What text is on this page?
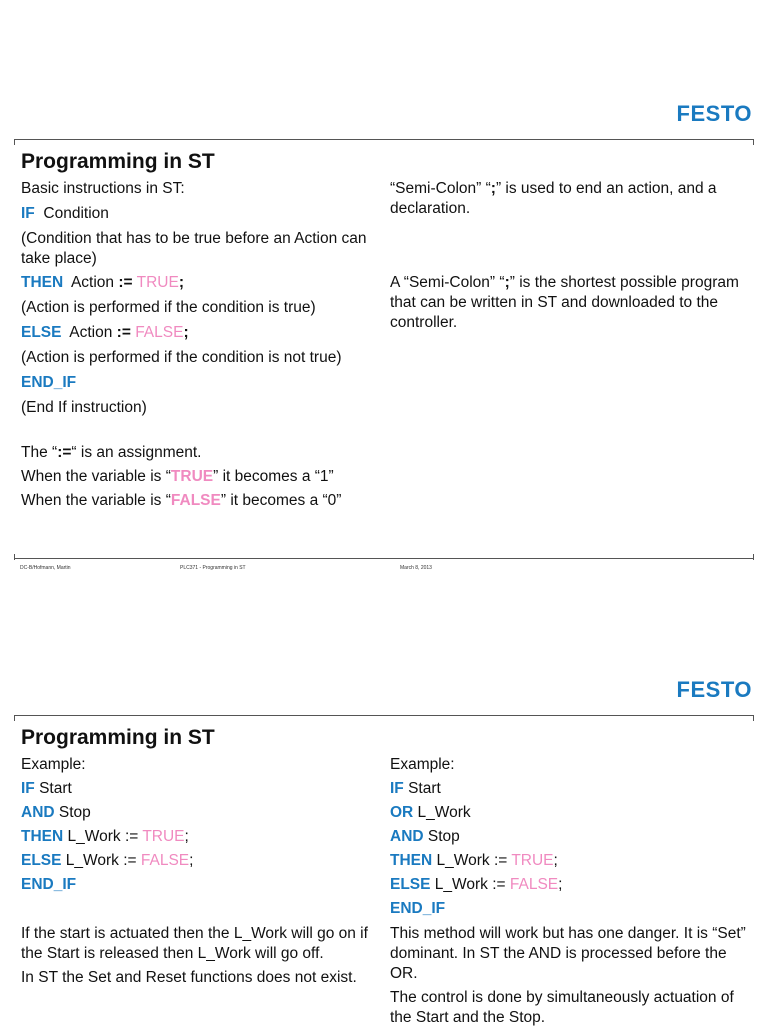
FESTO
Programming in ST

Basic instructions in ST:

IF Condition

(Condition that has to be true before an Action can take place)

THEN Action := TRUE;

(Action is performed if the condition is true)

ELSE Action := FALSE;

(Action is performed if the condition is not true)

END_IF

(End If instruction)

The “:=“ is an assignment.

When the variable is “TRUE” it becomes a “1”

When the variable is “FALSE” it becomes a “0”

“Semi-Colon” “;” is used to end an action, and a declaration.

A “Semi-Colon” “;” is the shortest possible program that can be written in ST and downloaded to the controller.

DC-B/Hofmann, Martin	PLC371 - Programming in ST	March 8, 2013
FESTO
Programming in ST

Example:

IF Start

AND Stop

THEN L_Work := TRUE;

ELSE L_Work := FALSE;

END_IF

If the start is actuated then the L_Work will go on if the Start is released then L_Work will go off.

In ST the Set and Reset functions does not exist.

Example:

IF Start

OR L_Work

AND Stop

THEN L_Work := TRUE;

ELSE L_Work := FALSE;

END_IF

This method will work but has one danger. It is “Set” dominant. In ST the AND is processed before the OR.

The control is done by simultaneously actuation of the Start and the Stop.
